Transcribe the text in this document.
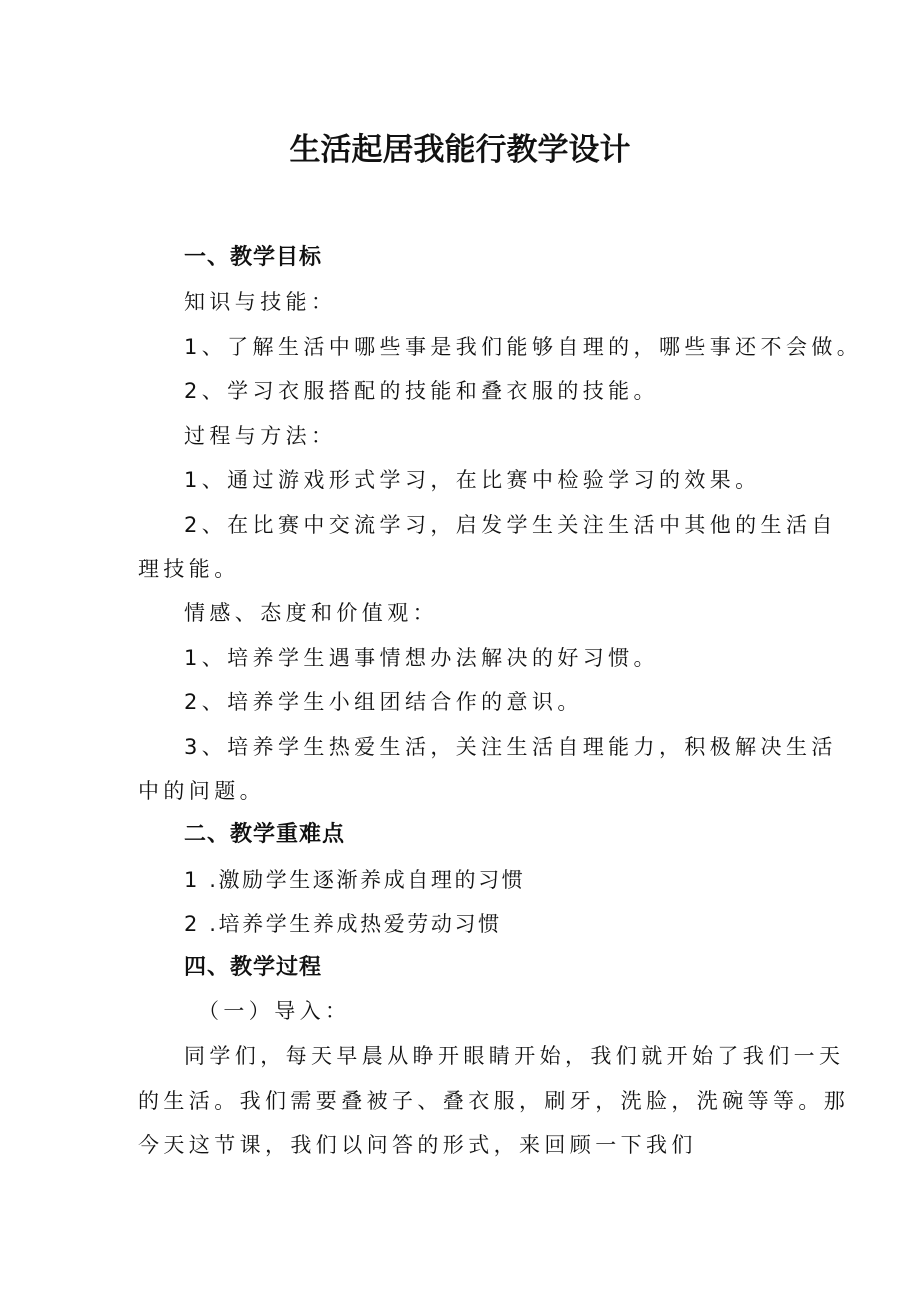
生活起居我能行教学设计
一、教学目标
知识与技能：
1、了解生活中哪些事是我们能够自理的，哪些事还不会做。
2、学习衣服搭配的技能和叠衣服的技能。
过程与方法：
1、通过游戏形式学习，在比赛中检验学习的效果。
2、在比赛中交流学习，启发学生关注生活中其他的生活自
理技能。
情感、态度和价值观：
1、培养学生遇事情想办法解决的好习惯。
2、培养学生小组团结合作的意识。
3、培养学生热爱生活，关注生活自理能力，积极解决生活
中的问题。
二、教学重难点
1 .激励学生逐渐养成自理的习惯
2 .培养学生养成热爱劳动习惯
四、教学过程
（一）导入：
同学们，每天早晨从睁开眼睛开始，我们就开始了我们一天
的生活。我们需要叠被子、叠衣服，刷牙，洗脸，洗碗等等。那
今天这节课，我们以问答的形式，来回顾一下我们
